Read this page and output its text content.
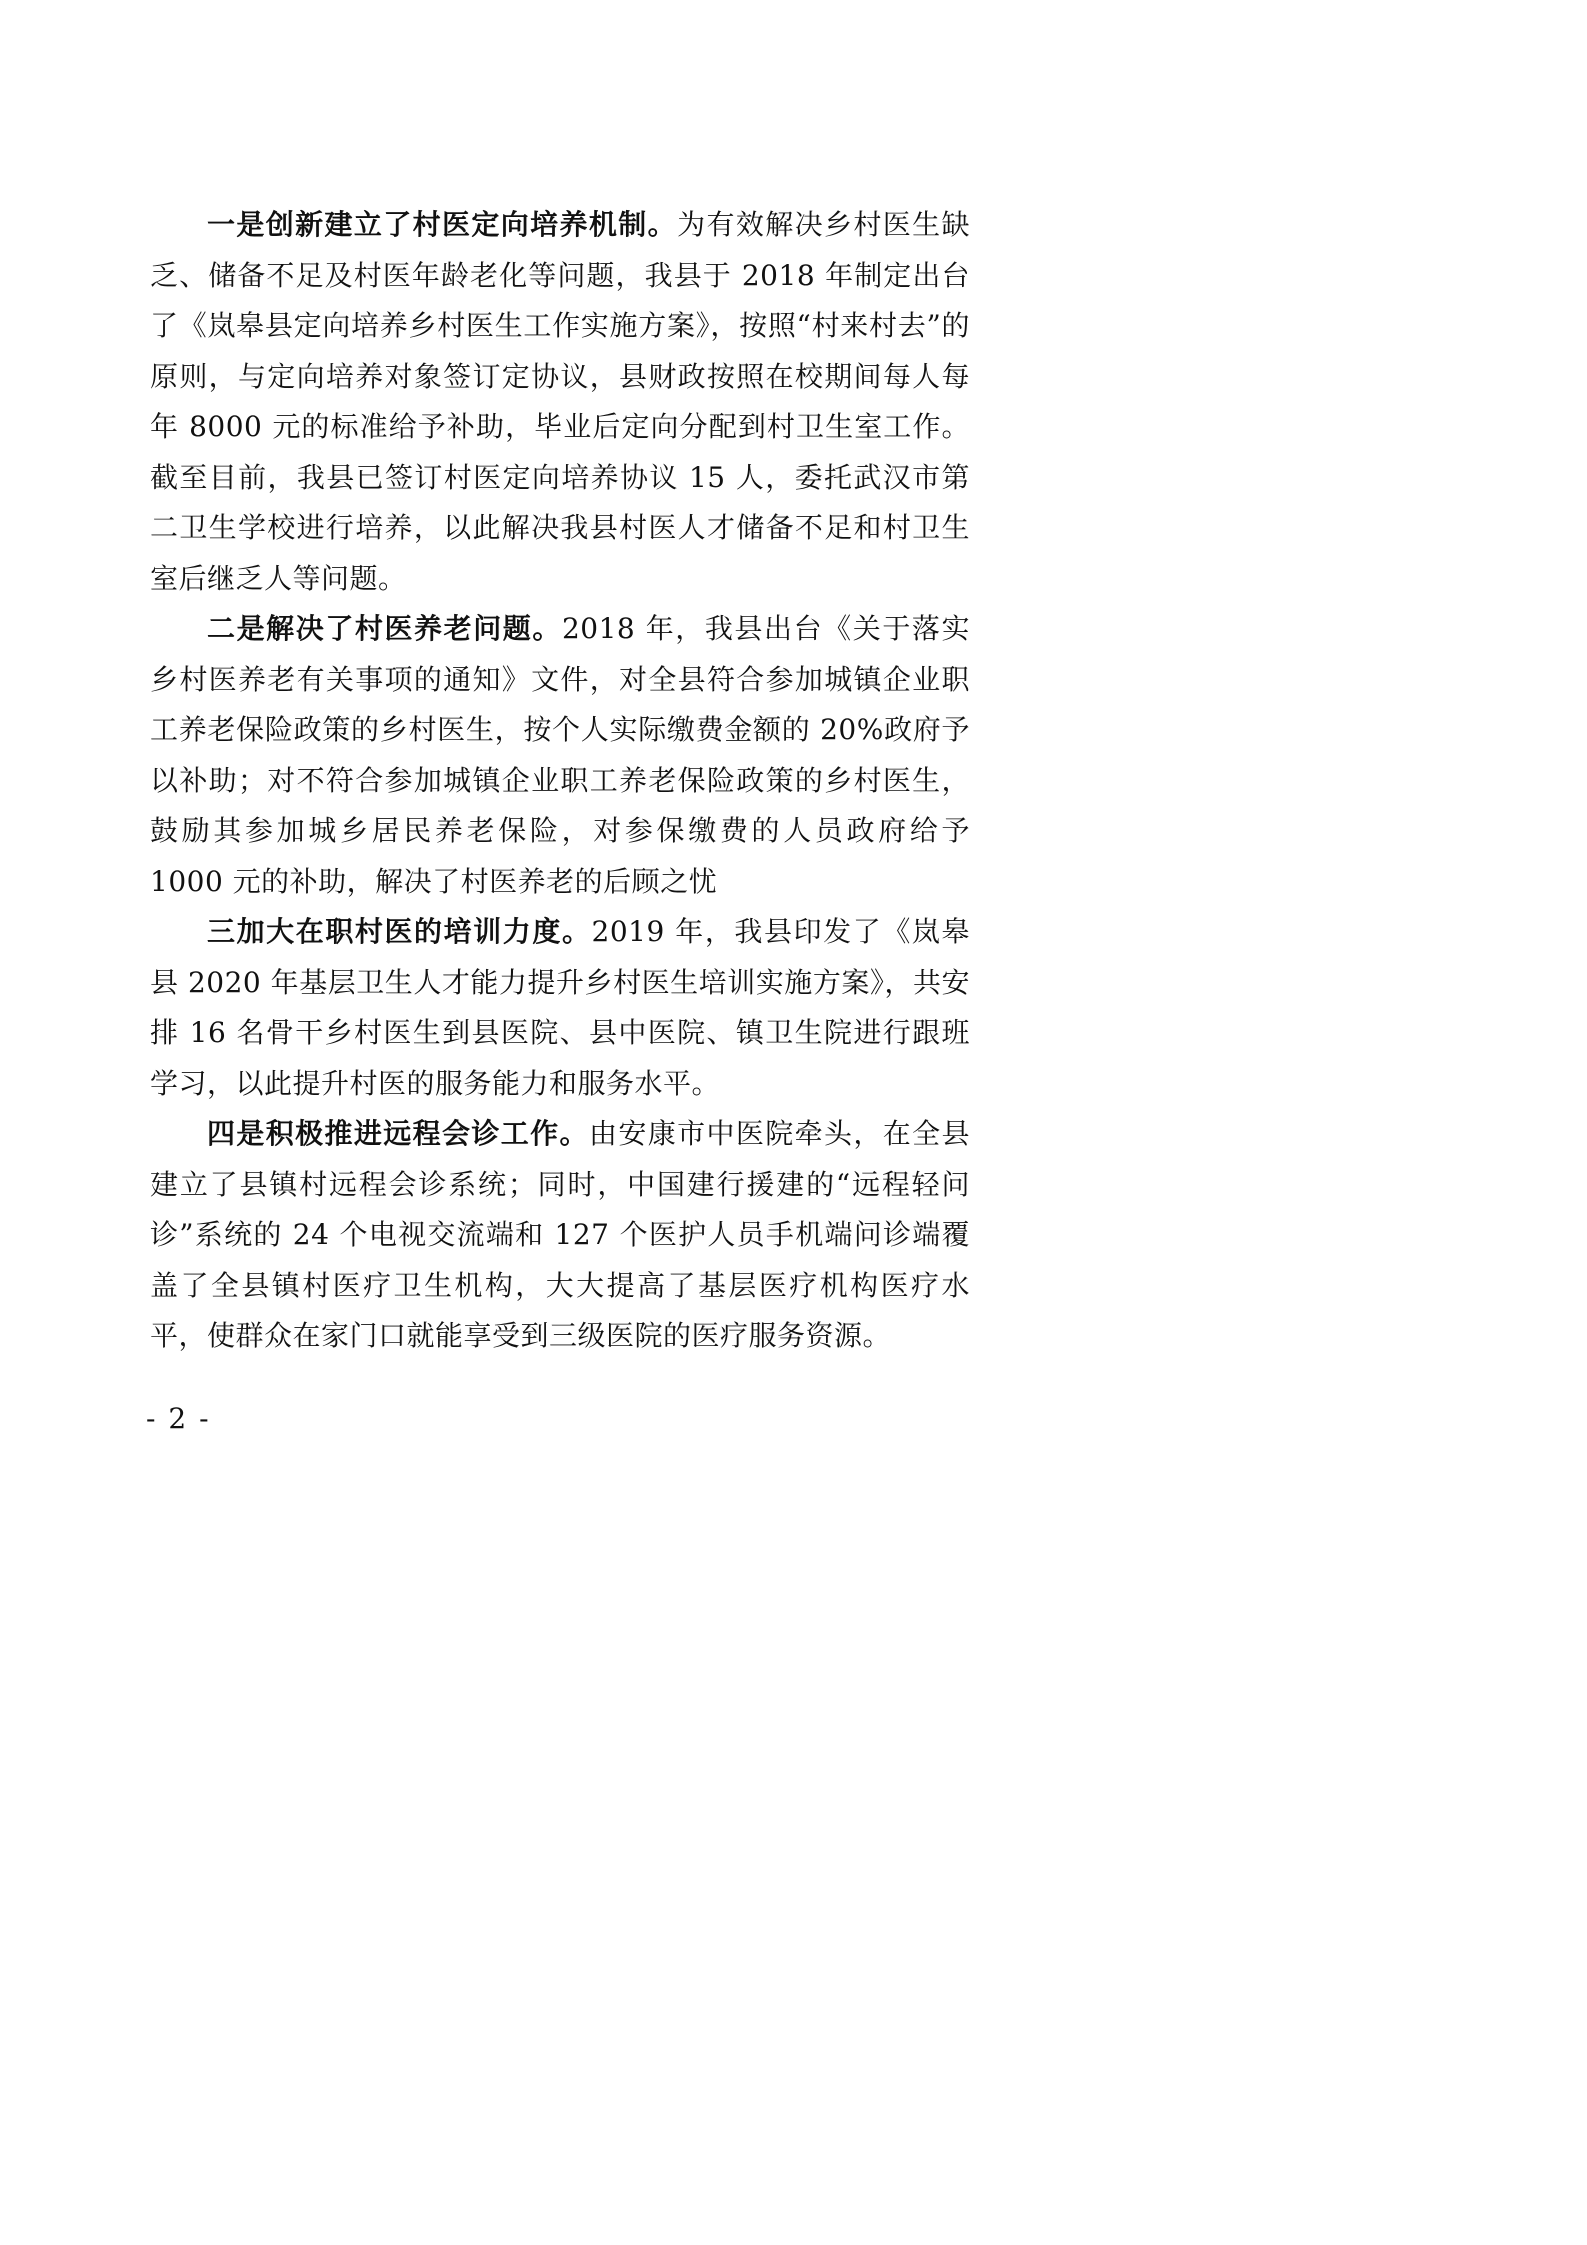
一是创新建立了村医定向培养机制。为有效解决乡村医生缺乏、储备不足及村医年龄老化等问题，我县于 2018 年制定出台了《岚皋县定向培养乡村医生工作实施方案》，按照“村来村去”的原则，与定向培养对象签订定协议，县财政按照在校期间每人每年 8000 元的标准给予补助，毕业后定向分配到村卫生室工作。截至目前，我县已签订村医定向培养协议 15 人，委托武汉市第二卫生学校进行培养，以此解决我县村医人才储备不足和村卫生室后继乏人等问题。

二是解决了村医养老问题。2018 年，我县出台《关于落实乡村医养老有关事项的通知》文件，对全县符合参加城镇企业职工养老保险政策的乡村医生，按个人实际缴费金额的 20%政府予以补助；对不符合参加城镇企业职工养老保险政策的乡村医生，鼓励其参加城乡居民养老保险，对参保缴费的人员政府给予 1000 元的补助，解决了村医养老的后顾之忧

三加大在职村医的培训力度。2019 年，我县印发了《岚皋县 2020 年基层卫生人才能力提升乡村医生培训实施方案》，共安排 16 名骨干乡村医生到县医院、县中医院、镇卫生院进行跟班学习，以此提升村医的服务能力和服务水平。

四是积极推进远程会诊工作。由安康市中医院牵头，在全县建立了县镇村远程会诊系统；同时，中国建行援建的“远程轻问诊”系统的 24 个电视交流端和 127 个医护人员手机端问诊端覆盖了全县镇村医疗卫生机构，大大提高了基层医疗机构医疗水平，使群众在家门口就能享受到三级医院的医疗服务资源。

- 2 -
